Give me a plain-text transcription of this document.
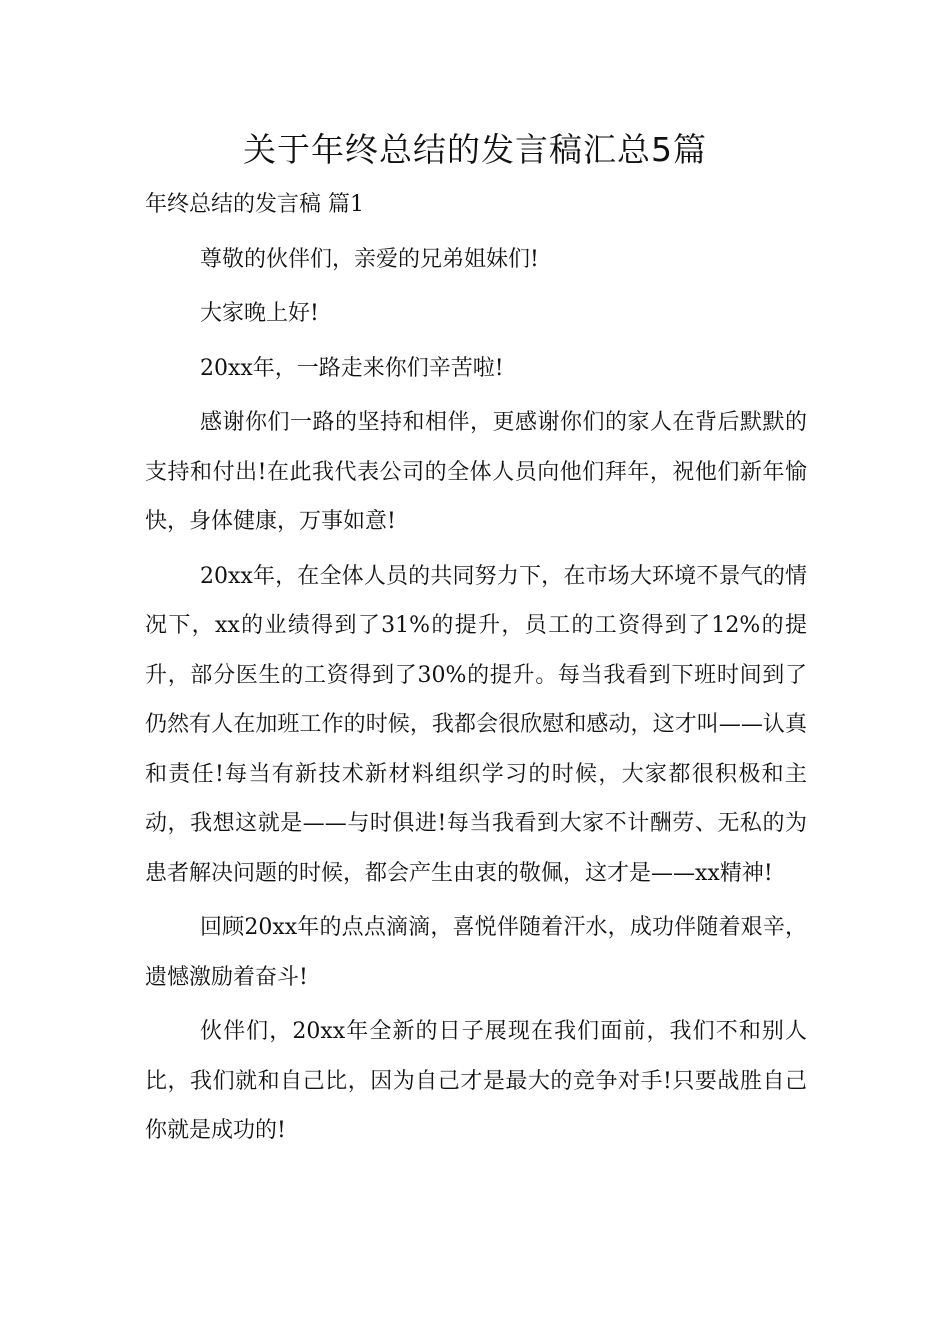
关于年终总结的发言稿汇总5篇

年终总结的发言稿 篇1

尊敬的伙伴们，亲爱的兄弟姐妹们!

大家晚上好!

20xx年，一路走来你们辛苦啦!

感谢你们一路的坚持和相伴，更感谢你们的家人在背后默默的支持和付出!在此我代表公司的全体人员向他们拜年，祝他们新年愉快，身体健康，万事如意!

20xx年，在全体人员的共同努力下，在市场大环境不景气的情况下，xx的业绩得到了31%的提升，员工的工资得到了12%的提升，部分医生的工资得到了30%的提升。每当我看到下班时间到了仍然有人在加班工作的时候，我都会很欣慰和感动，这才叫——认真和责任!每当有新技术新材料组织学习的时候，大家都很积极和主动，我想这就是——与时俱进!每当我看到大家不计酬劳、无私的为患者解决问题的时候，都会产生由衷的敬佩，这才是——xx精神!

回顾20xx年的点点滴滴，喜悦伴随着汗水，成功伴随着艰辛，遗憾激励着奋斗!

伙伴们，20xx年全新的日子展现在我们面前，我们不和别人比，我们就和自己比，因为自己才是最大的竞争对手!只要战胜自己你就是成功的!
